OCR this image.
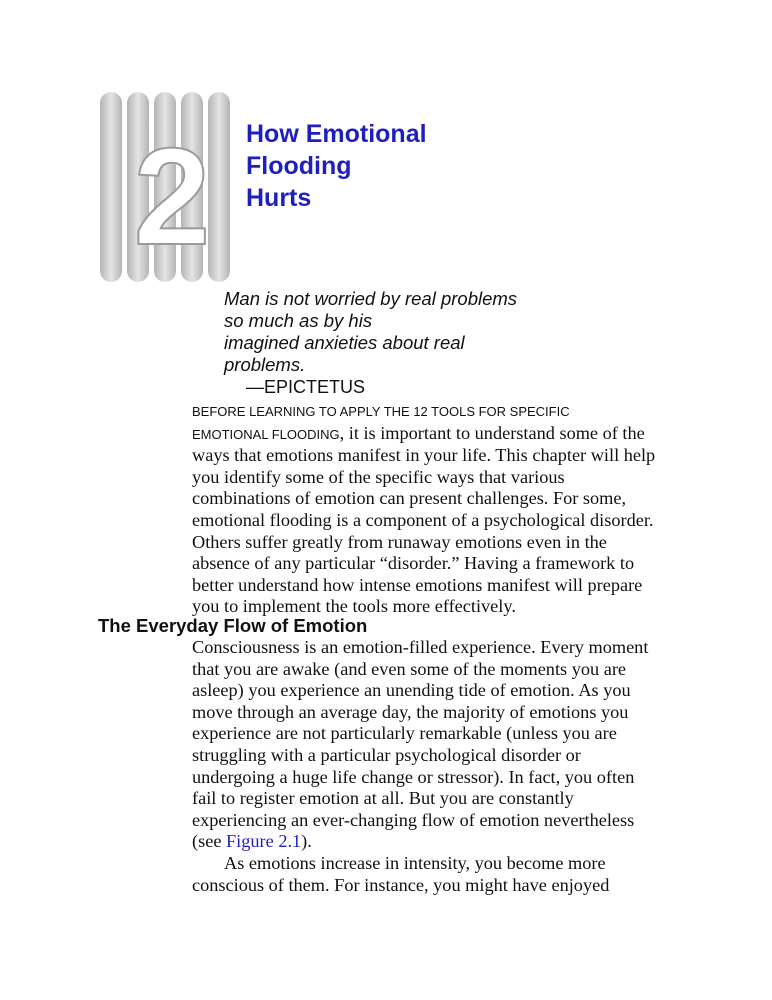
2 How Emotional
Flooding
Hurts
Man is not worried by real problems
so much as by his
imagined anxieties about real
problems.
—EPICTETUS
BEFORE LEARNING TO APPLY THE 12 TOOLS FOR SPECIFIC
EMOTIONAL FLOODING, it is important to understand some of the
ways that emotions manifest in your life. This chapter will help
you identify some of the specific ways that various
combinations of emotion can present challenges. For some,
emotional flooding is a component of a psychological disorder.
Others suffer greatly from runaway emotions even in the
absence of any particular “disorder.” Having a framework to
better understand how intense emotions manifest will prepare
you to implement the tools more effectively.
The Everyday Flow of Emotion
Consciousness is an emotion-filled experience. Every moment
that you are awake (and even some of the moments you are
asleep) you experience an unending tide of emotion. As you
move through an average day, the majority of emotions you
experience are not particularly remarkable (unless you are
struggling with a particular psychological disorder or
undergoing a huge life change or stressor). In fact, you often
fail to register emotion at all. But you are constantly
experiencing an ever-changing flow of emotion nevertheless
(see Figure 2.1).
As emotions increase in intensity, you become more
conscious of them. For instance, you might have enjoyed
